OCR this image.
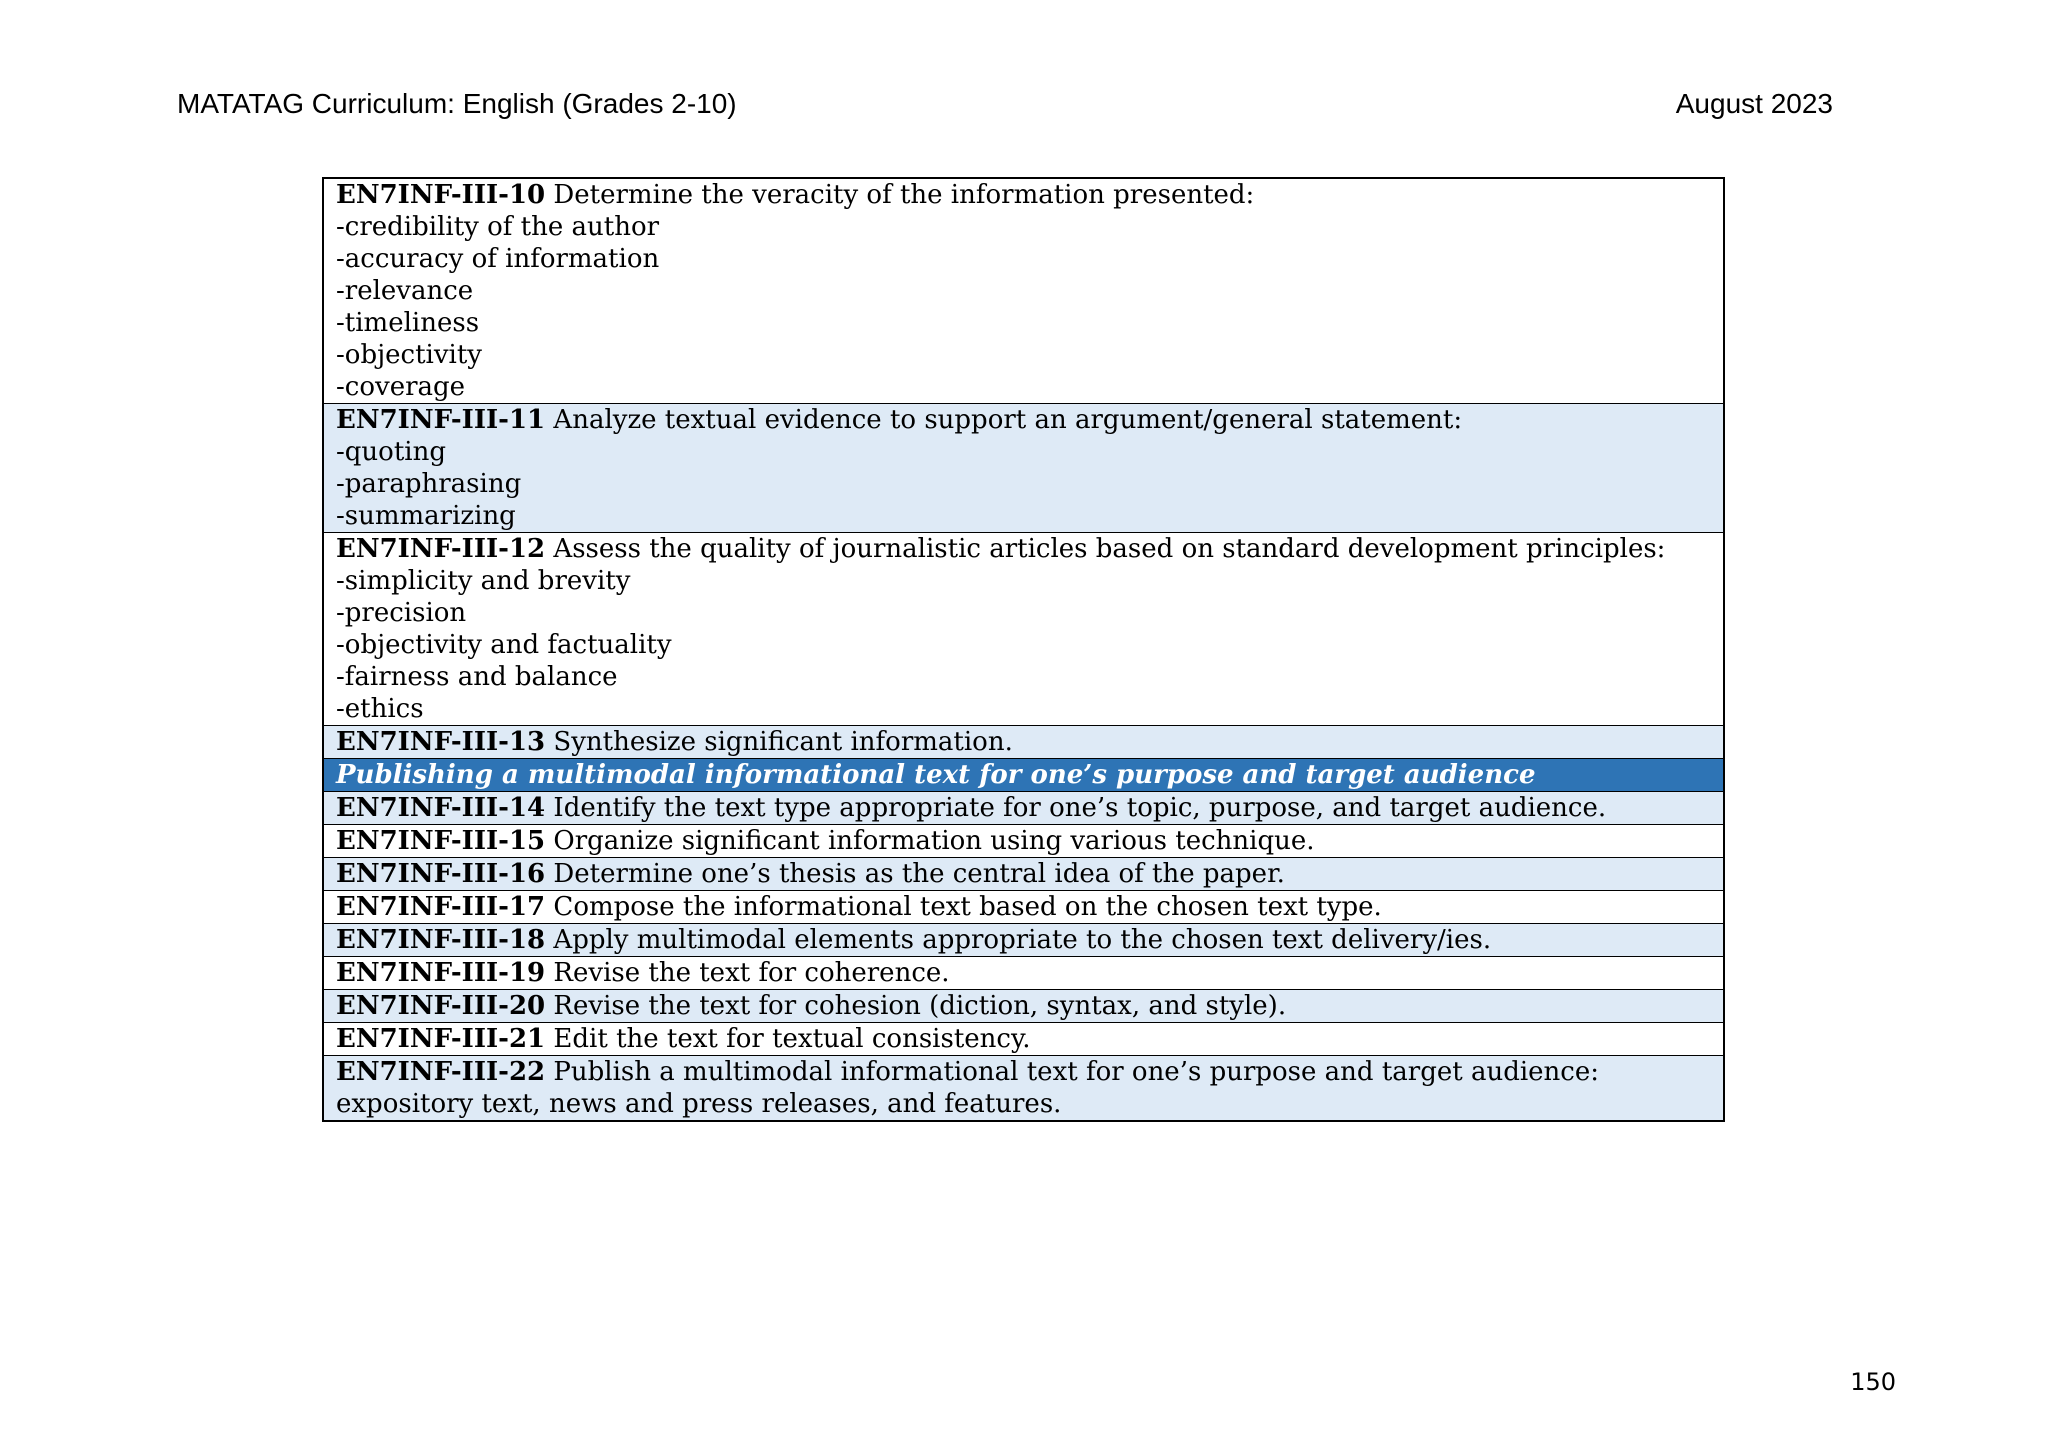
MATATAG Curriculum: English (Grades 2-10)	August 2023
EN7INF-III-10 Determine the veracity of the information presented:
-credibility of the author
-accuracy of information
-relevance
-timeliness
-objectivity
-coverage

EN7INF-III-11 Analyze textual evidence to support an argument/general statement:
-quoting
-paraphrasing
-summarizing

EN7INF-III-12 Assess the quality of journalistic articles based on standard development principles:
-simplicity and brevity
-precision
-objectivity and factuality
-fairness and balance
-ethics

EN7INF-III-13 Synthesize significant information.
Publishing a multimodal informational text for one’s purpose and target audience
EN7INF-III-14 Identify the text type appropriate for one’s topic, purpose, and target audience.
EN7INF-III-15 Organize significant information using various technique.
EN7INF-III-16 Determine one’s thesis as the central idea of the paper.
EN7INF-III-17 Compose the informational text based on the chosen text type.
EN7INF-III-18 Apply multimodal elements appropriate to the chosen text delivery/ies.
EN7INF-III-19 Revise the text for coherence.
EN7INF-III-20 Revise the text for cohesion (diction, syntax, and style).
EN7INF-III-21 Edit the text for textual consistency.
EN7INF-III-22 Publish a multimodal informational text for one’s purpose and target audience: expository text, news and press releases, and features.
150
